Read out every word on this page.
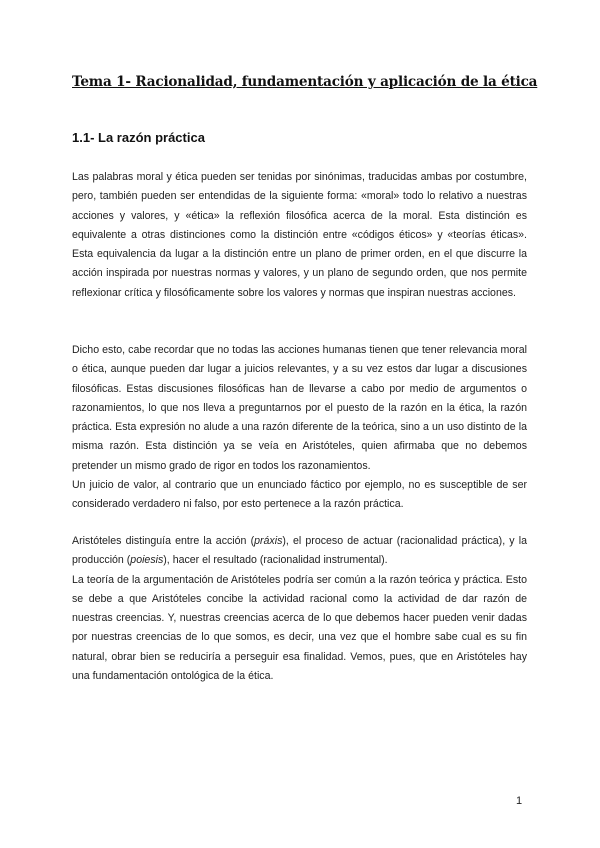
Tema 1- Racionalidad, fundamentación y aplicación de la ética
1.1- La razón práctica

Las palabras moral y ética pueden ser tenidas por sinónimas, traducidas ambas por costumbre, pero, también pueden ser entendidas de la siguiente forma: «moral» todo lo relativo a nuestras acciones y valores, y «ética» la reflexión filosófica acerca de la moral. Esta distinción es equivalente a otras distinciones como la distinción entre «códigos éticos» y «teorías éticas». Esta equivalencia da lugar a la distinción entre un plano de primer orden, en el que discurre la acción inspirada por nuestras normas y valores, y un plano de segundo orden, que nos permite reflexionar crítica y filosóficamente sobre los valores y normas que inspiran nuestras acciones.

Dicho esto, cabe recordar que no todas las acciones humanas tienen que tener relevancia moral o ética, aunque pueden dar lugar a juicios relevantes, y a su vez estos dar lugar a discusiones filosóficas. Estas discusiones filosóficas han de llevarse a cabo por medio de argumentos o razonamientos, lo que nos lleva a preguntarnos por el puesto de la razón en la ética, la razón práctica. Esta expresión no alude a una razón diferente de la teórica, sino a un uso distinto de la misma razón. Esta distinción ya se veía en Aristóteles, quien afirmaba que no debemos pretender un mismo grado de rigor en todos los razonamientos.
Un juicio de valor, al contrario que un enunciado fáctico por ejemplo, no es susceptible de ser considerado verdadero ni falso, por esto pertenece a la razón práctica.
Aristóteles distinguía entre la acción (práxis), el proceso de actuar (racionalidad práctica), y la producción (poiesis), hacer el resultado (racionalidad instrumental).
La teoría de la argumentación de Aristóteles podría ser común a la razón teórica y práctica. Esto se debe a que Aristóteles concibe la actividad racional como la actividad de dar razón de nuestras creencias. Y, nuestras creencias acerca de lo que debemos hacer pueden venir dadas por nuestras creencias de lo que somos, es decir, una vez que el hombre sabe cual es su fin natural, obrar bien se reduciría a perseguir esa finalidad. Vemos, pues, que en Aristóteles hay una fundamentación ontológica de la ética.
1
